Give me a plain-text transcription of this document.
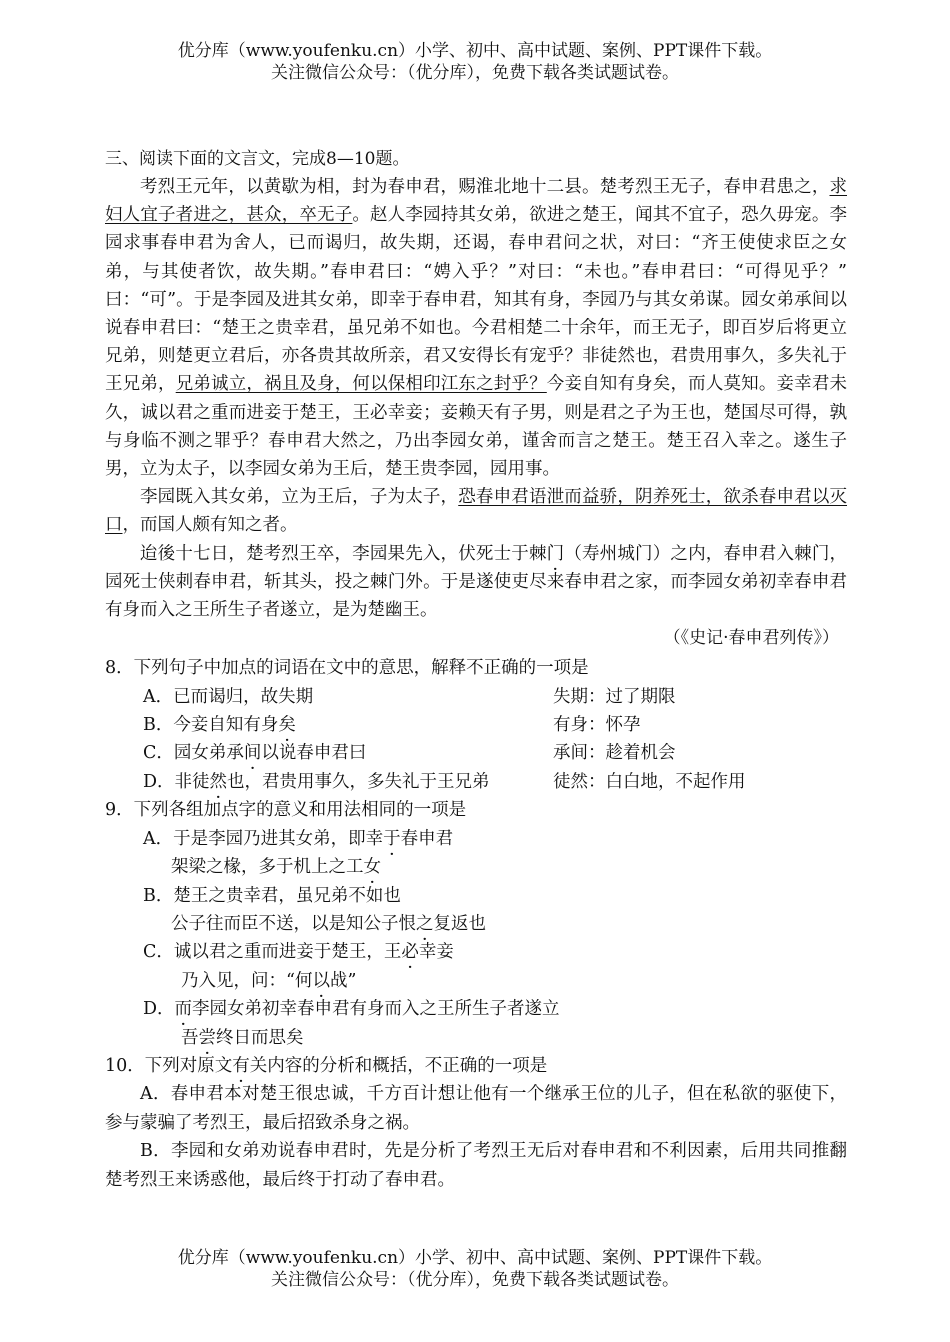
优分库（www.youfenku.cn）小学、初中、高中试题、案例、PPT课件下载。
关注微信公众号：（优分库），免费下载各类试题试卷。
三、阅读下面的文言文，完成8—10题。

考烈王元年，以黄歇为相，封为春申君，赐淮北地十二县。楚考烈王无子，春申君患之，求妇人宜子者进之，甚众，卒无子。赵人李园持其女弟，欲进之楚王，闻其不宜子，恐久毋宠。李园求事春申君为舍人，已而谒归，故失期，还谒，春申君问之状，对曰：“齐王使使求臣之女弟，与其使者饮，故失期。”春申君曰：“娉入乎？”对曰：“未也。”春申君曰：“可得见乎？” 曰：“可”。于是李园及进其女弟，即幸于春申君，知其有身，李园乃与其女弟谋。园女弟承间以说春申君曰：“楚王之贵幸君，虽兄弟不如也。今君相楚二十余年，而王无子，即百岁后将更立兄弟，则楚更立君后，亦各贵其故所亲，君又安得长有宠乎？非徒然也，君贵用事久，多失礼于王兄弟，兄弟诚立，祸且及身，何以保相印江东之封乎？今妾自知有身矣，而人莫知。妾幸君未久，诚以君之重而进妾于楚王，王必幸妾；妾赖天有子男，则是君之子为王也，楚国尽可得，孰与身临不测之罪乎？春申君大然之，乃出李园女弟，谨舍而言之楚王。楚王召入幸之。遂生子男，立为太子，以李园女弟为王后，楚王贵李园，园用事。

李园既入其女弟，立为王后，子为太子，恐春申君语泄而益骄，阴养死士，欲杀春申君以灭口，而国人颇有知之者。

迨後十七日，楚考烈王卒，李园果先入，伏死士于棘门（寿州城门）之内，春申君入棘门，园死士侠刺春申君，斩其头，投之棘门外。于是遂使吏尽来春申君之家，而李园女弟初幸春申君有身而入之王所生子者遂立，是为楚幽王。

（《史记·春申君列传》）
8．下列句子中加点的词语在文中的意思，解释不正确的一项是
A．已而谒归，故失期	失期：过了期限
B．今妾自知有身矣	有身：怀孕
C．园女弟承间以说春申君曰	承间：趁着机会
D．非徒然也，君贵用事久，多失礼于王兄弟	徒然：白白地，不起作用
9．下列各组加点字的意义和用法相同的一项是
A．于是李园乃进其女弟，即幸于春申君
架梁之椽，多于机上之工女
B．楚王之贵幸君，虽兄弟不如也
公子往而臣不送，以是知公子恨之复返也
C．诚以君之重而进妾于楚王，王必幸妾
乃入见，问：“何以战”
D．而李园女弟初幸春申君有身而入之王所生子者遂立
吾尝终日而思矣
10．下列对原文有关内容的分析和概括，不正确的一项是

A．春申君本对楚王很忠诚，千方百计想让他有一个继承王位的儿子，但在私欲的驱使下，参与蒙骗了考烈王，最后招致杀身之祸。

B．李园和女弟劝说春申君时，先是分析了考烈王无后对春申君和不利因素，后用共同推翻楚考烈王来诱惑他，最后终于打动了春申君。

优分库（www.youfenku.cn）小学、初中、高中试题、案例、PPT课件下载。
关注微信公众号：（优分库），免费下载各类试题试卷。
